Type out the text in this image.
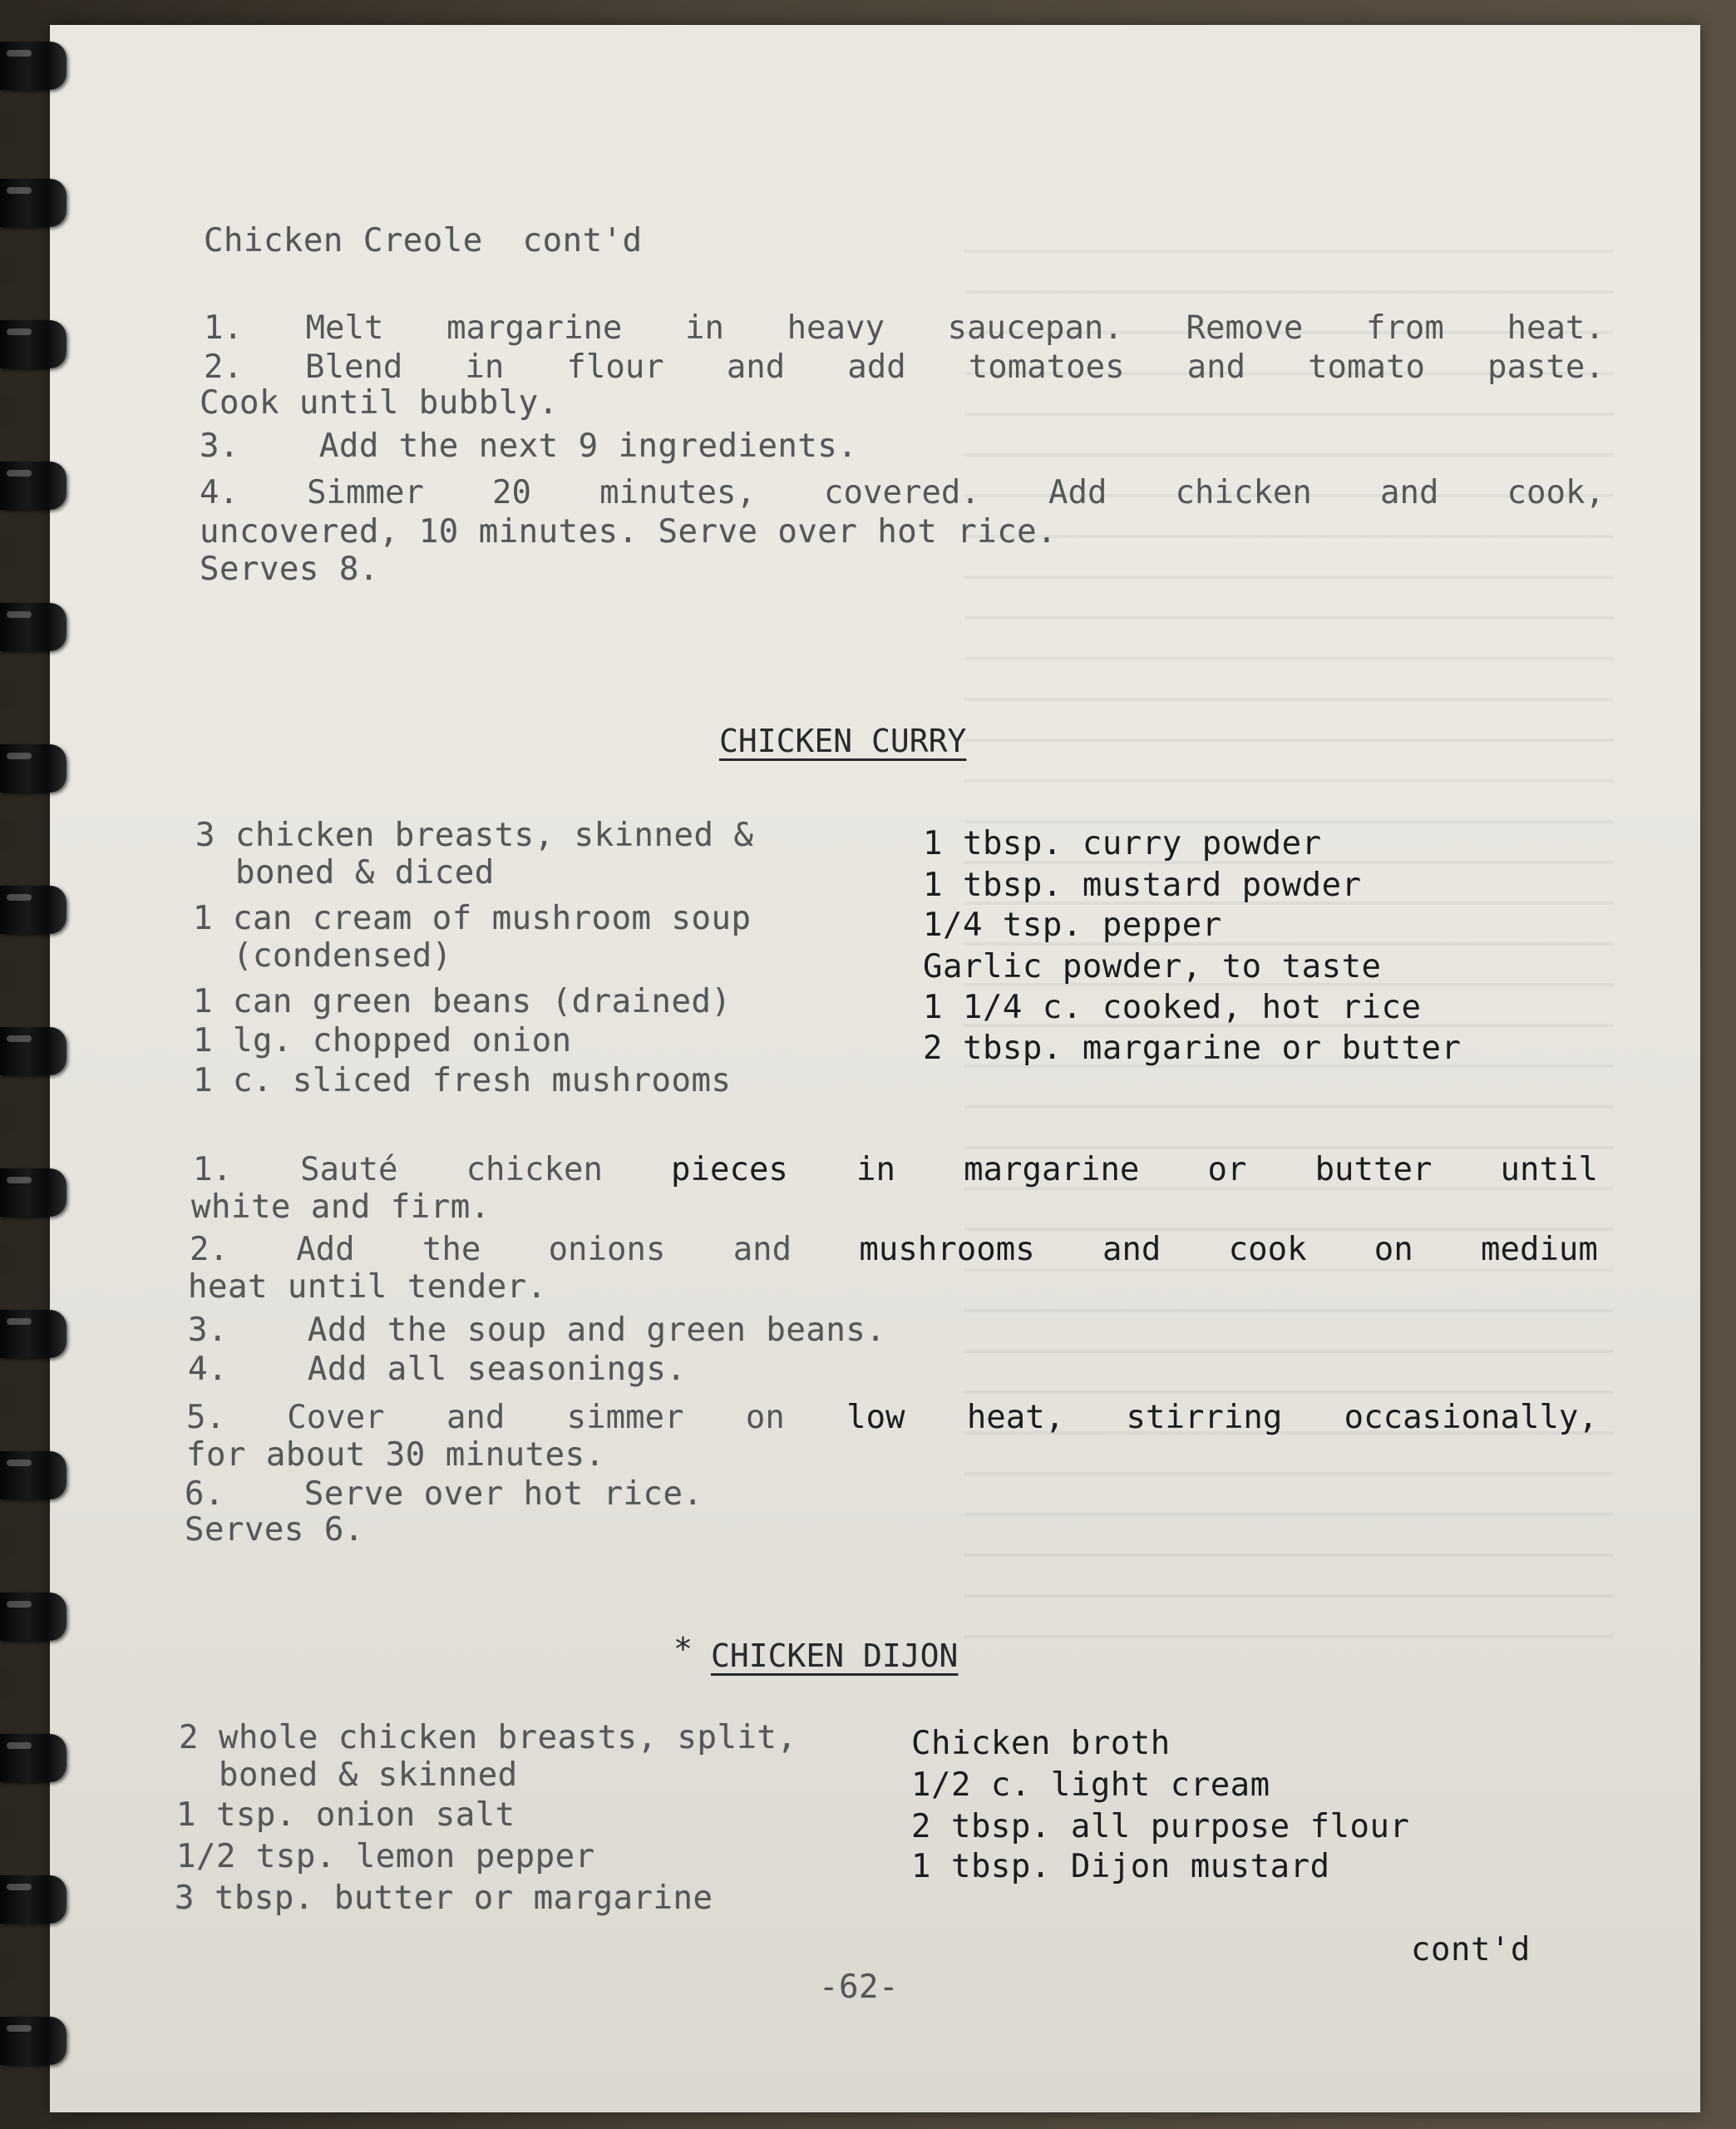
Chicken Creole  cont'd
1. Melt margarine in heavy saucepan. Remove from heat.
2. Blend in flour and add tomatoes and tomato paste.
Cook until bubbly.
3.    Add the next 9 ingredients.
4. Simmer 20 minutes, covered. Add chicken and cook,
uncovered, 10 minutes. Serve over hot rice.
Serves 8.
CHICKEN CURRY
3 chicken breasts, skinned &
boned & diced
1 can cream of mushroom soup
(condensed)
1 can green beans (drained)
1 lg. chopped onion
1 c. sliced fresh mushrooms
1 tbsp. curry powder
1 tbsp. mustard powder
1/4 tsp. pepper
Garlic powder, to taste
1 1/4 c. cooked, hot rice
2 tbsp. margarine or butter
1. Sauté chicken pieces in margarine or butter until
white and firm.
2. Add the onions and mushrooms and cook on medium
heat until tender.
3.    Add the soup and green beans.
4.    Add all seasonings.
5. Cover and simmer on low heat, stirring occasionally,
for about 30 minutes.
6.    Serve over hot rice.
Serves 6.
* CHICKEN DIJON
2 whole chicken breasts, split,
boned & skinned
1 tsp. onion salt
1/2 tsp. lemon pepper
3 tbsp. butter or margarine
Chicken broth
1/2 c. light cream
2 tbsp. all purpose flour
1 tbsp. Dijon mustard
cont'd
-62-
